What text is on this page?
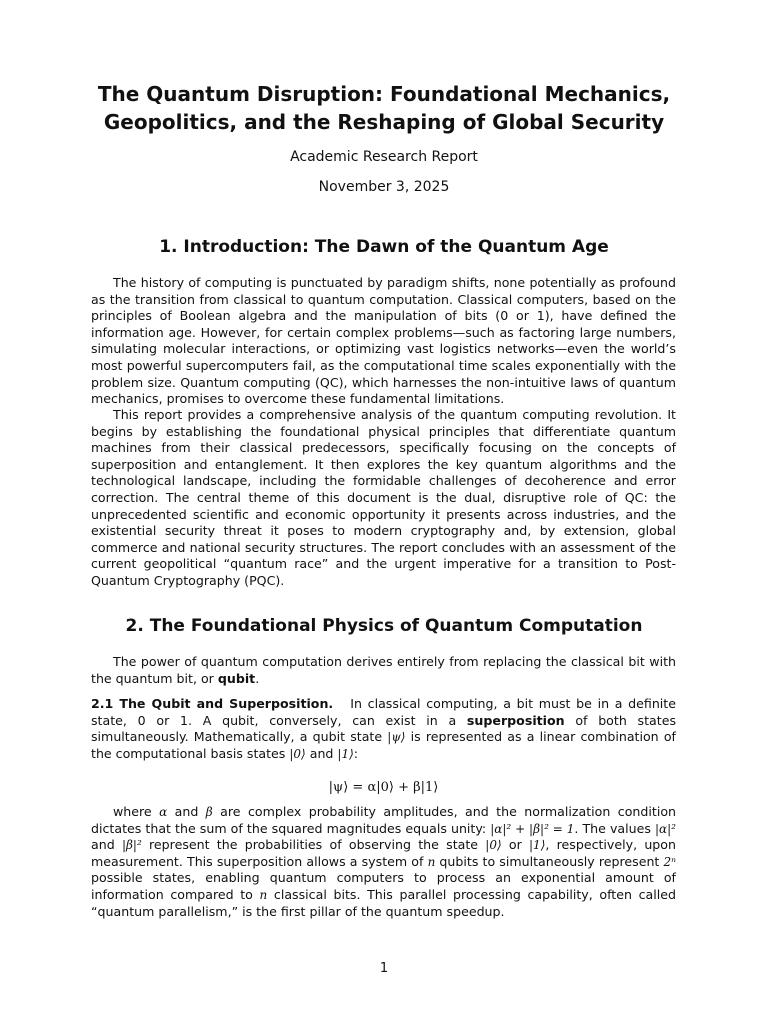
The Quantum Disruption: Foundational Mechanics,
Geopolitics, and the Reshaping of Global Security
Academic Research Report
November 3, 2025
1. Introduction: The Dawn of the Quantum Age

The history of computing is punctuated by paradigm shifts, none potentially as profound as the transition from classical to quantum computation. Classical computers, based on the principles of Boolean algebra and the manipulation of bits (0 or 1), have defined the information age. However, for certain complex problems—such as factoring large numbers, simulating molecular interactions, or optimizing vast logistics networks—even the world’s most powerful supercomputers fail, as the computational time scales exponentially with the problem size. Quantum computing (QC), which harnesses the non-intuitive laws of quantum mechanics, promises to overcome these fundamental limitations.

This report provides a comprehensive analysis of the quantum computing revolution. It begins by establishing the foundational physical principles that differentiate quantum machines from their classical predecessors, specifically focusing on the concepts of superposition and entanglement. It then explores the key quantum algorithms and the technological landscape, including the formidable challenges of decoherence and error correction. The central theme of this document is the dual, disruptive role of QC: the unprecedented scientific and economic opportunity it presents across industries, and the existential security threat it poses to modern cryptography and, by extension, global commerce and national security structures. The report concludes with an assessment of the current geopolitical “quantum race” and the urgent imperative for a transition to Post-Quantum Cryptography (PQC).

2. The Foundational Physics of Quantum Computation

The power of quantum computation derives entirely from replacing the classical bit with the quantum bit, or qubit.

2.1 The Qubit and Superposition. In classical computing, a bit must be in a definite state, 0 or 1. A qubit, conversely, can exist in a superposition of both states simultaneously. Mathematically, a qubit state |ψ⟩ is represented as a linear combination of the computational basis states |0⟩ and |1⟩:

|ψ⟩ = α|0⟩ + β|1⟩

where α and β are complex probability amplitudes, and the normalization condition dictates that the sum of the squared magnitudes equals unity: |α|² + |β|² = 1. The values |α|² and |β|² represent the probabilities of observing the state |0⟩ or |1⟩, respectively, upon measurement. This superposition allows a system of n qubits to simultaneously represent 2ⁿ possible states, enabling quantum computers to process an exponential amount of information compared to n classical bits. This parallel processing capability, often called “quantum parallelism,” is the first pillar of the quantum speedup.

1
